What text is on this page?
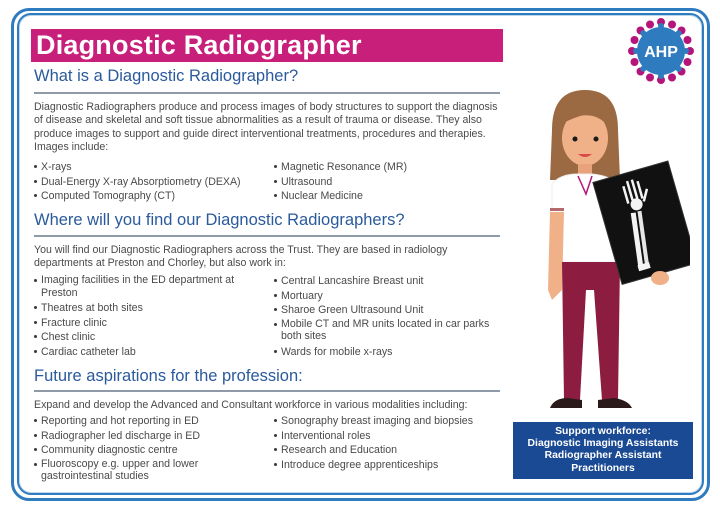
Diagnostic Radiographer	AHP
What is a Diagnostic Radiographer?
Diagnostic Radiographers produce and process images of body structures to support the diagnosis of disease and skeletal and soft tissue abnormalities as a result of trauma or disease. They also produce images to support and guide direct interventional treatments, procedures and therapies. Images include:
X-rays
Dual-Energy X-ray Absorptiometry (DEXA)
Computed Tomography (CT)
Magnetic Resonance (MR)
Ultrasound
Nuclear Medicine
Where will you find our Diagnostic Radiographers?
You will find our Diagnostic Radiographers across the Trust. They are based in radiology departments at Preston and Chorley, but also work in:
Imaging facilities in the ED department at Preston
Theatres at both sites
Fracture clinic
Chest clinic
Cardiac catheter lab
Central Lancashire Breast unit
Mortuary
Sharoe Green Ultrasound Unit
Mobile CT and MR units located in car parks both sites
Wards for mobile x-rays
Future aspirations for the profession:
Expand and develop the Advanced and Consultant workforce in various modalities including:
Reporting and hot reporting in ED
Radiographer led discharge in ED
Community diagnostic centre
Fluoroscopy e.g. upper and lower gastrointestinal studies
Sonography breast imaging and biopsies
Interventional roles
Research and Education
Introduce degree apprenticeships
Support workforce:
Diagnostic Imaging Assistants
Radiographer Assistant
Practitioners
